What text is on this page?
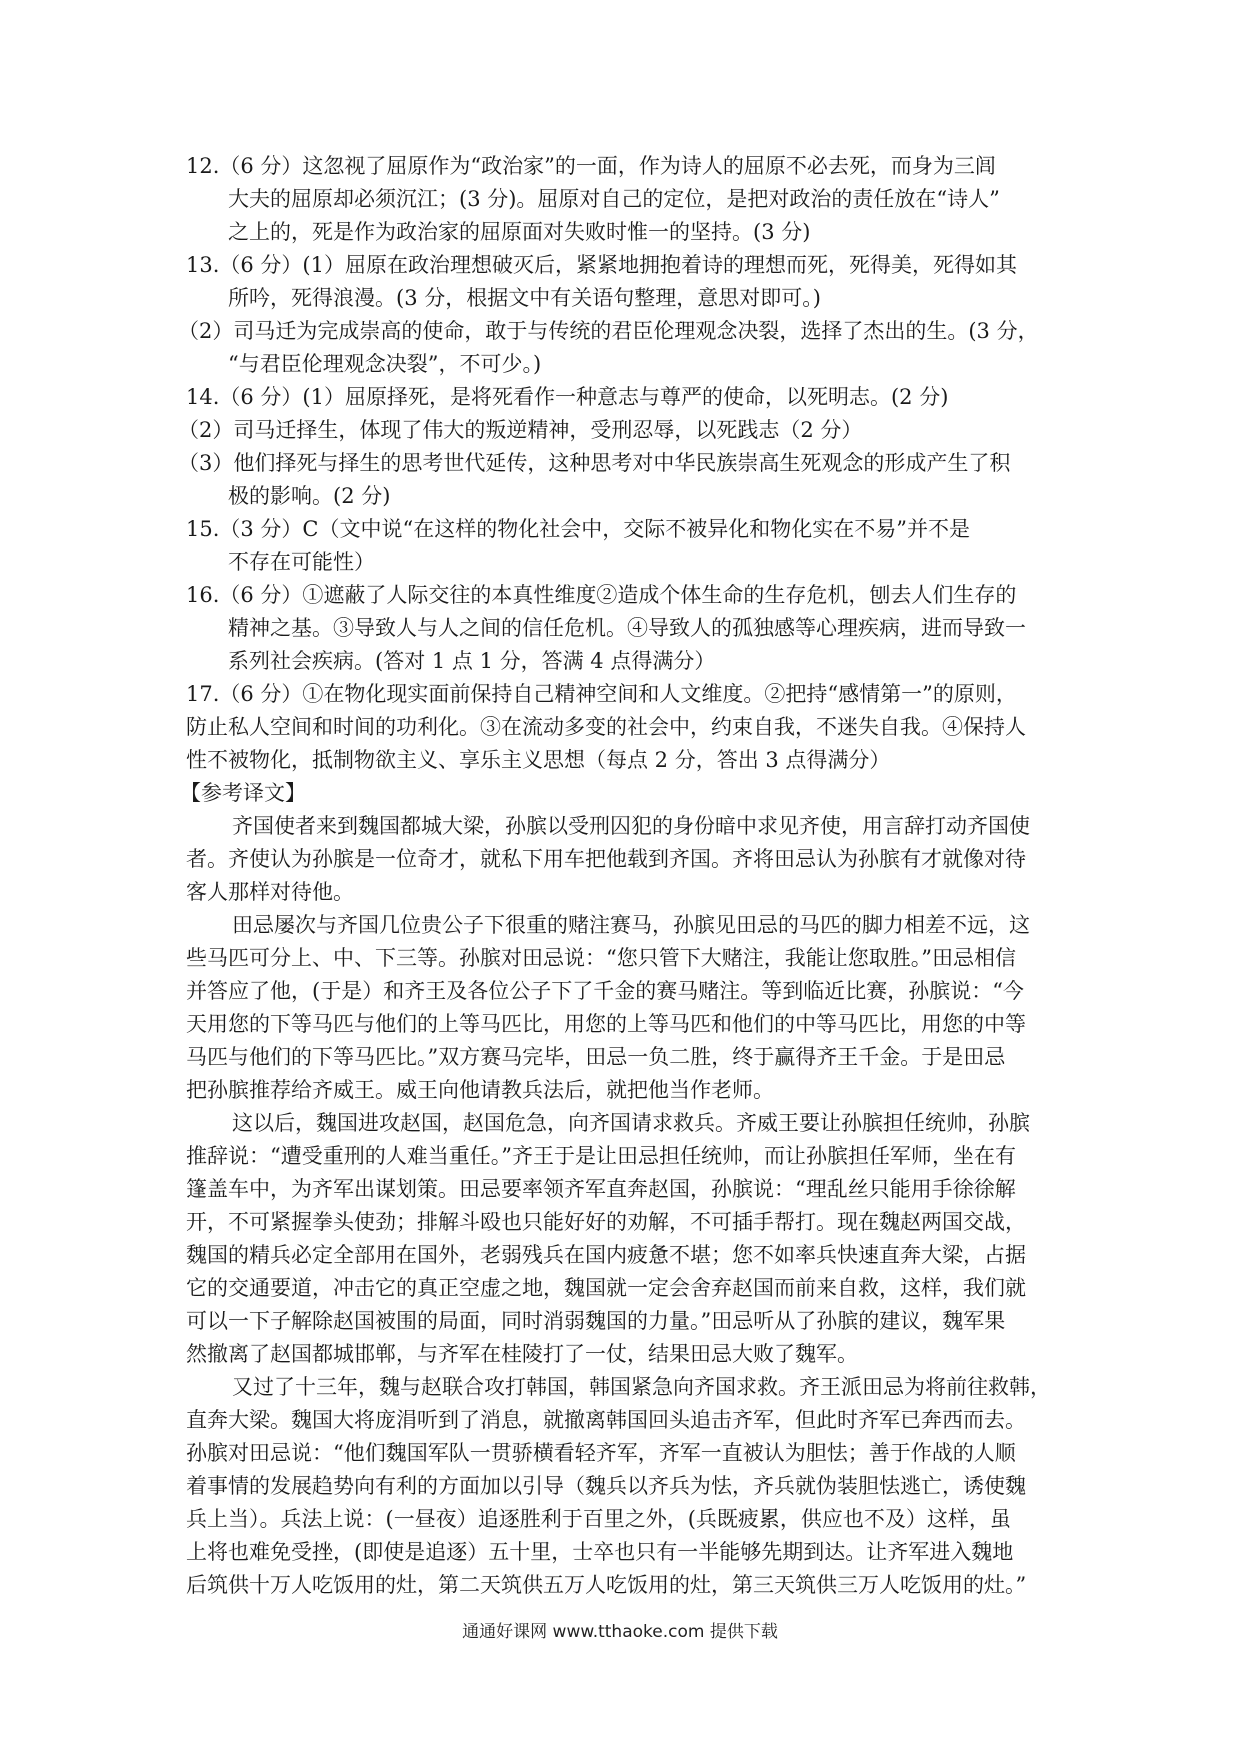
12.（6 分）这忽视了屈原作为“政治家”的一面，作为诗人的屈原不必去死，而身为三闾
大夫的屈原却必须沉江；(3 分)。屈原对自己的定位，是把对政治的责任放在“诗人”
之上的，死是作为政治家的屈原面对失败时惟一的坚持。(3 分)
13.（6 分）(1）屈原在政治理想破灭后，紧紧地拥抱着诗的理想而死，死得美，死得如其
所吟，死得浪漫。(3 分，根据文中有关语句整理，意思对即可。)
（2）司马迁为完成崇高的使命，敢于与传统的君臣伦理观念决裂，选择了杰出的生。(3 分，
“与君臣伦理观念决裂”，不可少。)
14.（6 分）(1）屈原择死，是将死看作一种意志与尊严的使命，以死明志。(2 分)
（2）司马迁择生，体现了伟大的叛逆精神，受刑忍辱，以死践志（2 分）
（3）他们择死与择生的思考世代延传，这种思考对中华民族崇高生死观念的形成产生了积
极的影响。(2 分)
15.（3 分）C（文中说“在这样的物化社会中，交际不被异化和物化实在不易”并不是
不存在可能性）
16.（6 分）①遮蔽了人际交往的本真性维度②造成个体生命的生存危机，刨去人们生存的
精神之基。③导致人与人之间的信任危机。④导致人的孤独感等心理疾病，进而导致一
系列社会疾病。(答对 1 点 1 分，答满 4 点得满分）
17.（6 分）①在物化现实面前保持自己精神空间和人文维度。②把持“感情第一”的原则，
防止私人空间和时间的功利化。③在流动多变的社会中，约束自我，不迷失自我。④保持人
性不被物化，抵制物欲主义、享乐主义思想（每点 2 分，答出 3 点得满分）
【参考译文】
齐国使者来到魏国都城大梁，孙膑以受刑囚犯的身份暗中求见齐使，用言辞打动齐国使
者。齐使认为孙膑是一位奇才，就私下用车把他载到齐国。齐将田忌认为孙膑有才就像对待
客人那样对待他。
田忌屡次与齐国几位贵公子下很重的赌注赛马，孙膑见田忌的马匹的脚力相差不远，这
些马匹可分上、中、下三等。孙膑对田忌说：“您只管下大赌注，我能让您取胜。”田忌相信
并答应了他，(于是）和齐王及各位公子下了千金的赛马赌注。等到临近比赛，孙膑说：“今
天用您的下等马匹与他们的上等马匹比，用您的上等马匹和他们的中等马匹比，用您的中等
马匹与他们的下等马匹比。”双方赛马完毕，田忌一负二胜，终于赢得齐王千金。于是田忌
把孙膑推荐给齐威王。威王向他请教兵法后，就把他当作老师。
这以后，魏国进攻赵国，赵国危急，向齐国请求救兵。齐威王要让孙膑担任统帅，孙膑
推辞说：“遭受重刑的人难当重任。”齐王于是让田忌担任统帅，而让孙膑担任军师，坐在有
篷盖车中，为齐军出谋划策。田忌要率领齐军直奔赵国，孙膑说：“理乱丝只能用手徐徐解
开，不可紧握拳头使劲；排解斗殴也只能好好的劝解，不可插手帮打。现在魏赵两国交战，
魏国的精兵必定全部用在国外，老弱残兵在国内疲惫不堪；您不如率兵快速直奔大梁，占据
它的交通要道，冲击它的真正空虚之地，魏国就一定会舍弃赵国而前来自救，这样，我们就
可以一下子解除赵国被围的局面，同时消弱魏国的力量。”田忌听从了孙膑的建议，魏军果
然撤离了赵国都城邯郸，与齐军在桂陵打了一仗，结果田忌大败了魏军。
又过了十三年，魏与赵联合攻打韩国，韩国紧急向齐国求救。齐王派田忌为将前往救韩，
直奔大梁。魏国大将庞涓听到了消息，就撤离韩国回头追击齐军，但此时齐军已奔西而去。
孙膑对田忌说：“他们魏国军队一贯骄横看轻齐军，齐军一直被认为胆怯；善于作战的人顺
着事情的发展趋势向有利的方面加以引导（魏兵以齐兵为怯，齐兵就伪装胆怯逃亡，诱使魏
兵上当）。兵法上说：(一昼夜）追逐胜利于百里之外，(兵既疲累，供应也不及）这样，虽
上将也难免受挫，(即使是追逐）五十里，士卒也只有一半能够先期到达。让齐军进入魏地
后筑供十万人吃饭用的灶，第二天筑供五万人吃饭用的灶，第三天筑供三万人吃饭用的灶。”
通通好课网 www.tthaoke.com 提供下载
